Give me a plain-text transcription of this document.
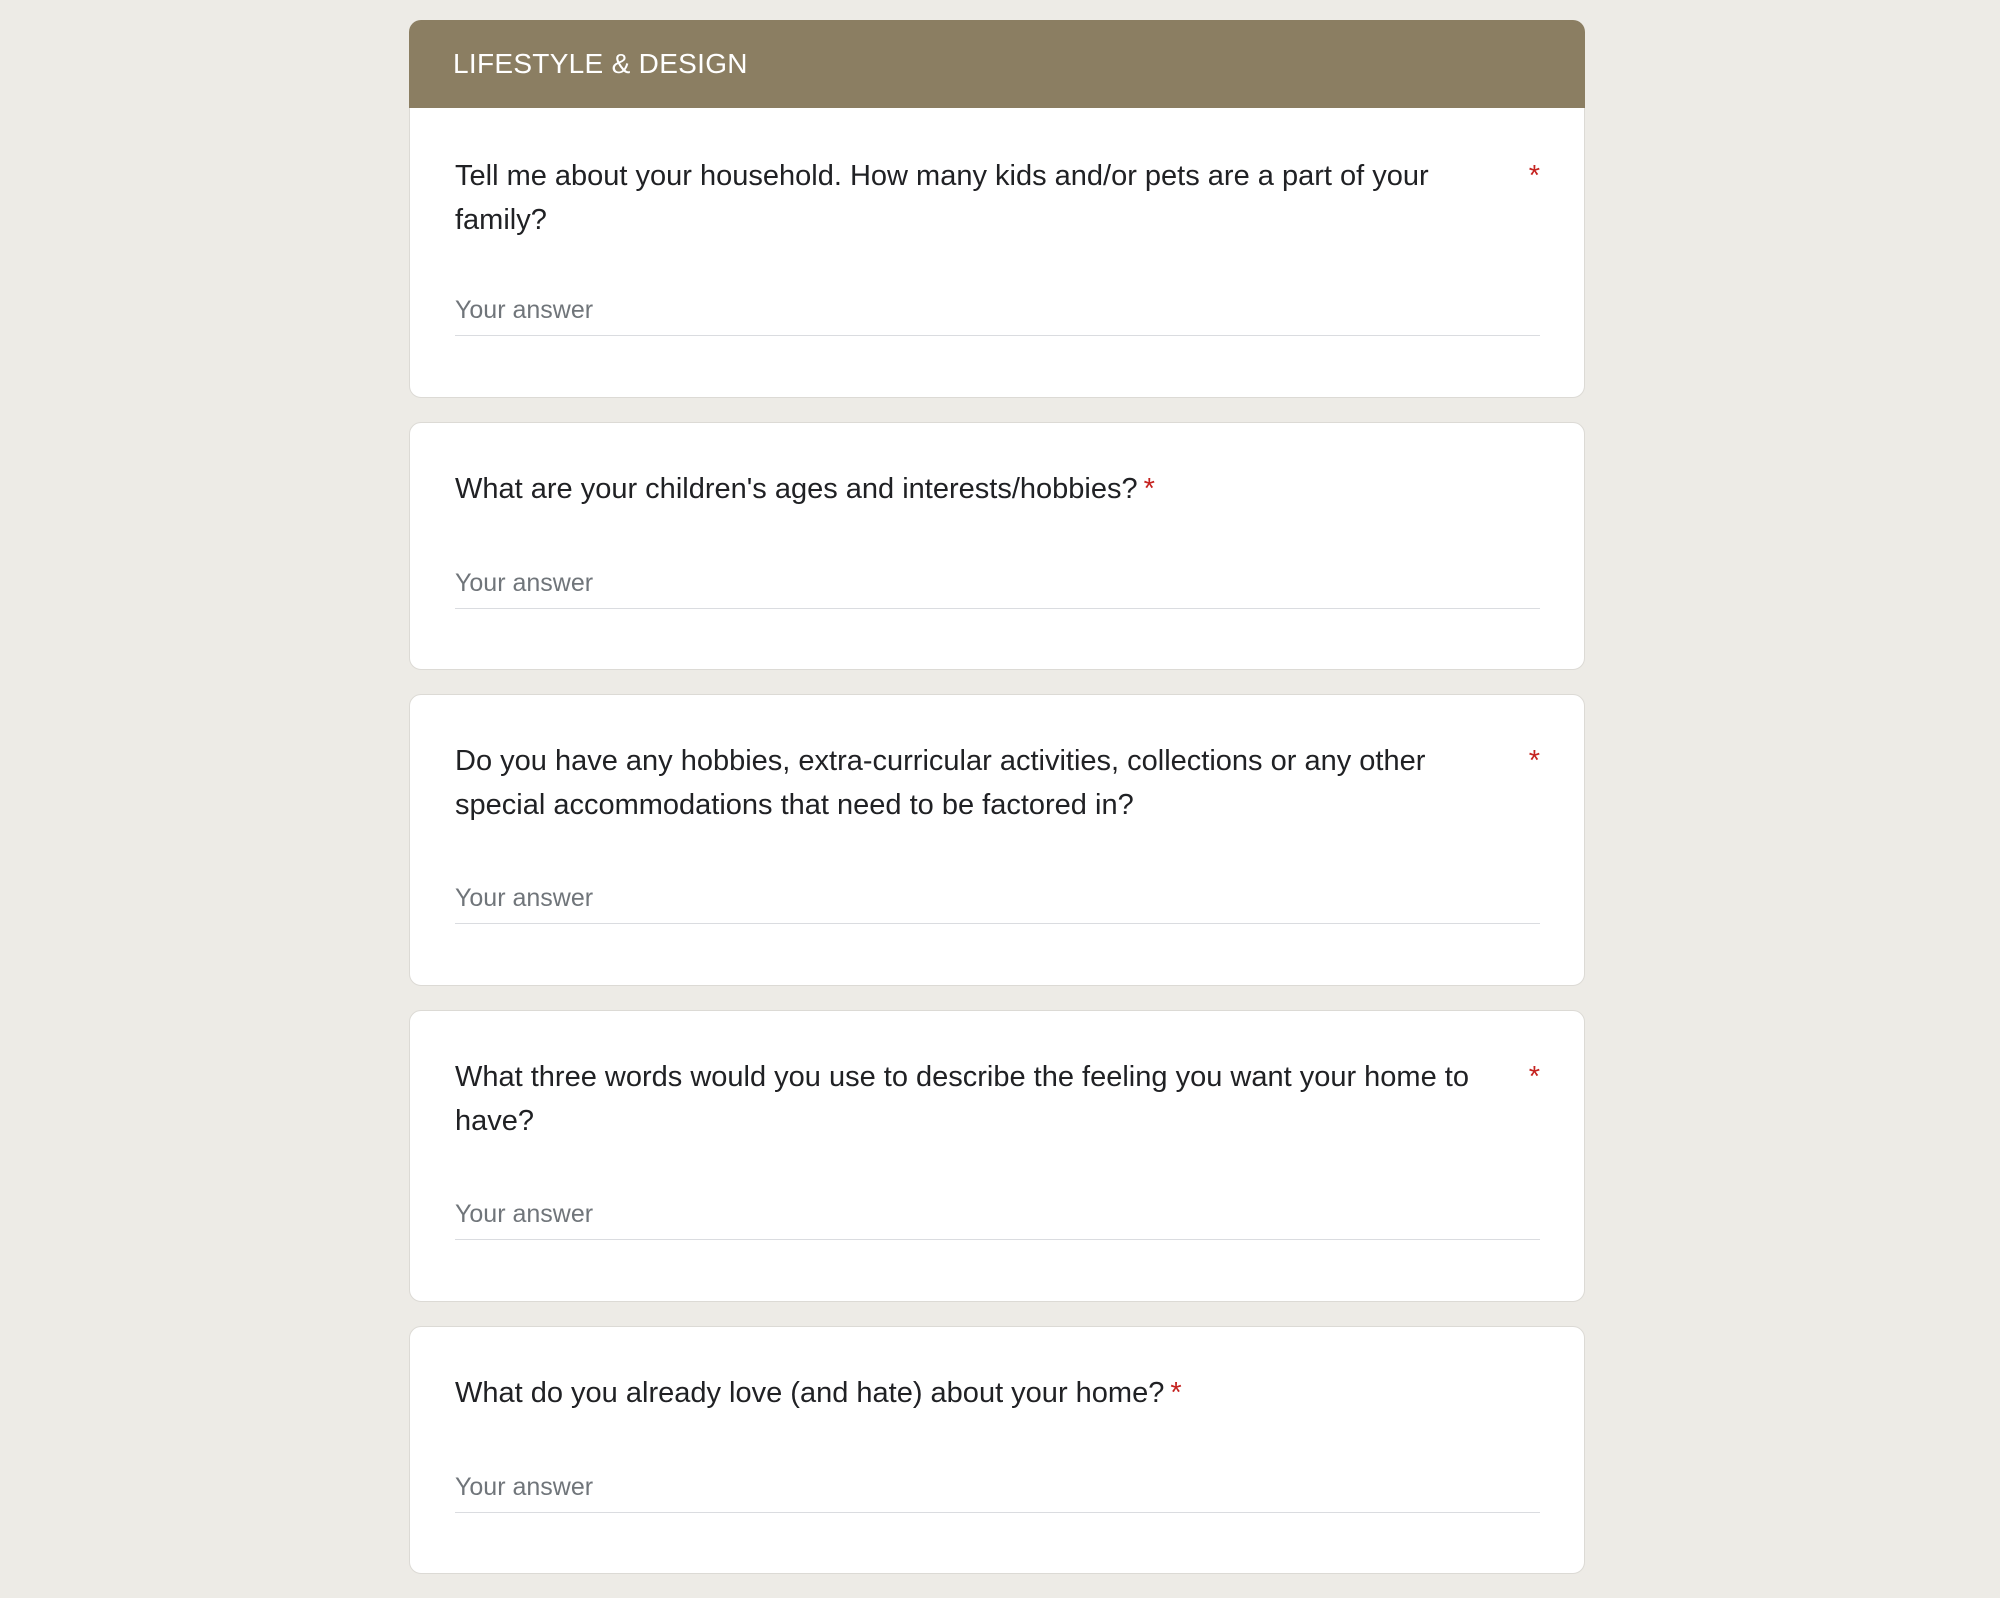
LIFESTYLE & DESIGN
Tell me about your household. How many kids and/or pets are a part of your family?
*
Your answer
What are your children's ages and interests/hobbies? *
Your answer
Do you have any hobbies, extra-curricular activities, collections or any other special accommodations that need to be factored in?
*
Your answer
What three words would you use to describe the feeling you want your home to have?
*
Your answer
What do you already love (and hate) about your home? *
Your answer
